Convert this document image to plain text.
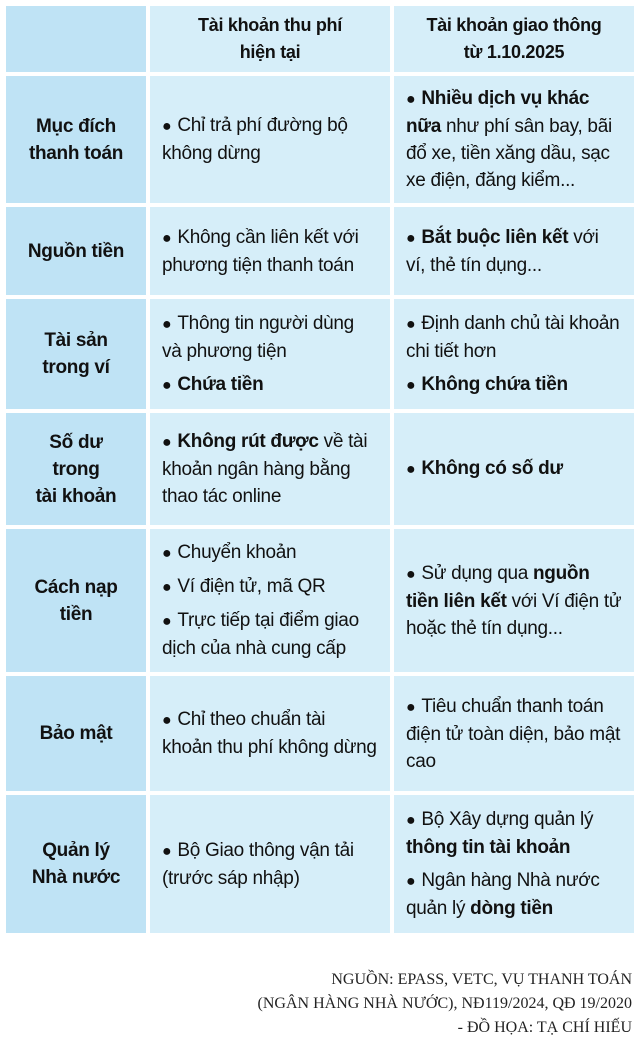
Tài khoản thu phí
hiện tại
Tài khoản giao thông
từ 1.10.2025
Mục đích
thanh toán
● Chỉ trả phí đường bộ không dừng
● Nhiều dịch vụ khác nữa như phí sân bay, bãi đổ xe, tiền xăng dầu, sạc xe điện, đăng kiểm...
Nguồn tiền
● Không cần liên kết với phương tiện thanh toán
● Bắt buộc liên kết với ví, thẻ tín dụng...
Tài sản
trong ví
● Thông tin người dùng và phương tiện
● Chứa tiền
● Định danh chủ tài khoản chi tiết hơn
● Không chứa tiền
Số dư
trong
tài khoản
● Không rút được về tài khoản ngân hàng bằng thao tác online
● Không có số dư
Cách nạp tiền
● Chuyển khoản
● Ví điện tử, mã QR
● Trực tiếp tại điểm giao dịch của nhà cung cấp
● Sử dụng qua nguồn tiền liên kết với Ví điện tử hoặc thẻ tín dụng...
Bảo mật
● Chỉ theo chuẩn tài khoản thu phí không dừng
● Tiêu chuẩn thanh toán điện tử toàn diện, bảo mật cao
Quản lý
Nhà nước
● Bộ Giao thông vận tải (trước sáp nhập)
● Bộ Xây dựng quản lý thông tin tài khoản
● Ngân hàng Nhà nước quản lý dòng tiền
NGUỒN: EPASS, VETC, VỤ THANH TOÁN
(NGÂN HÀNG NHÀ NƯỚC), NĐ119/2024, QĐ 19/2020
- ĐỒ HỌA: TẠ CHÍ HIẾU
